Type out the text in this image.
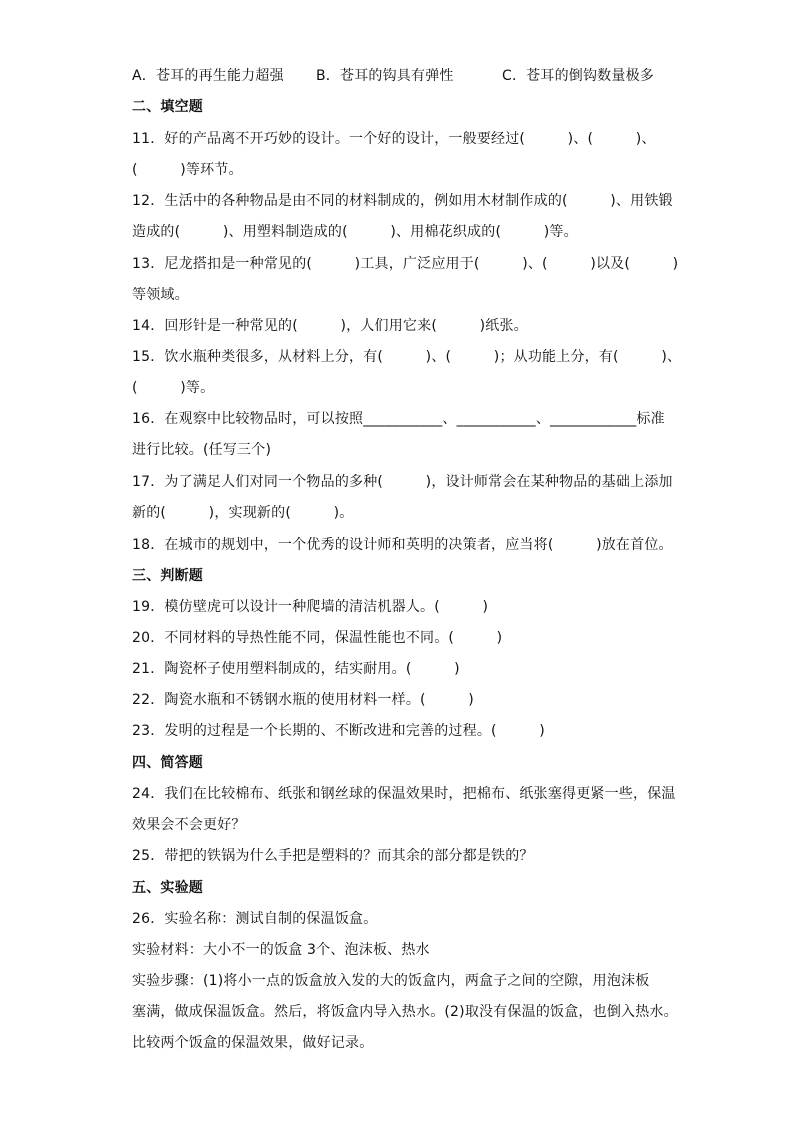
A．苍耳的再生能力超强 B．苍耳的钩具有弹性	C．苍耳的倒钩数量极多
二、填空题
11．好的产品离不开巧妙的设计。一个好的设计，一般要经过(　　　)、(　　　)、
(　　　)等环节。
12．生活中的各种物品是由不同的材料制成的，例如用木材制作成的(　　　)、用铁锻
造成的(　　　)、用塑料制造成的(　　　)、用棉花织成的(　　　)等。
13．尼龙搭扣是一种常见的(　　　)工具，广泛应用于(　　　)、(　　　)以及(　　　)
等领域。
14．回形针是一种常见的(　　　)，人们用它来(　　　)纸张。
15．饮水瓶种类很多，从材料上分，有(　　　)、(　　　)；从功能上分，有(　　　)、
(　　　)等。
16．在观察中比较物品时，可以按照___________、___________、____________标准
进行比较。(任写三个)
17．为了满足人们对同一个物品的多种(　　　)，设计师常会在某种物品的基础上添加
新的(　　　)，实现新的(　　　)。
18．在城市的规划中，一个优秀的设计师和英明的决策者，应当将(　　　)放在首位。
三、判断题
19．模仿壁虎可以设计一种爬墙的清洁机器人。(　　　)
20．不同材料的导热性能不同，保温性能也不同。(　　　)
21．陶瓷杯子使用塑料制成的，结实耐用。(　　　)
22．陶瓷水瓶和不锈钢水瓶的使用材料一样。(　　　)
23．发明的过程是一个长期的、不断改进和完善的过程。(　　　)
四、简答题
24．我们在比较棉布、纸张和钢丝球的保温效果时，把棉布、纸张塞得更紧一些，保温
效果会不会更好？
25．带把的铁锅为什么手把是塑料的？而其余的部分都是铁的？
五、实验题
26．实验名称：测试自制的保温饭盒。
实验材料：大小不一的饭盒 3个、泡沫板、热水
实验步骤：(1)将小一点的饭盒放入发的大的饭盒内，两盒子之间的空隙，用泡沫板
塞满，做成保温饭盒。然后，将饭盒内导入热水。(2)取没有保温的饭盒，也倒入热水。
比较两个饭盒的保温效果，做好记录。
